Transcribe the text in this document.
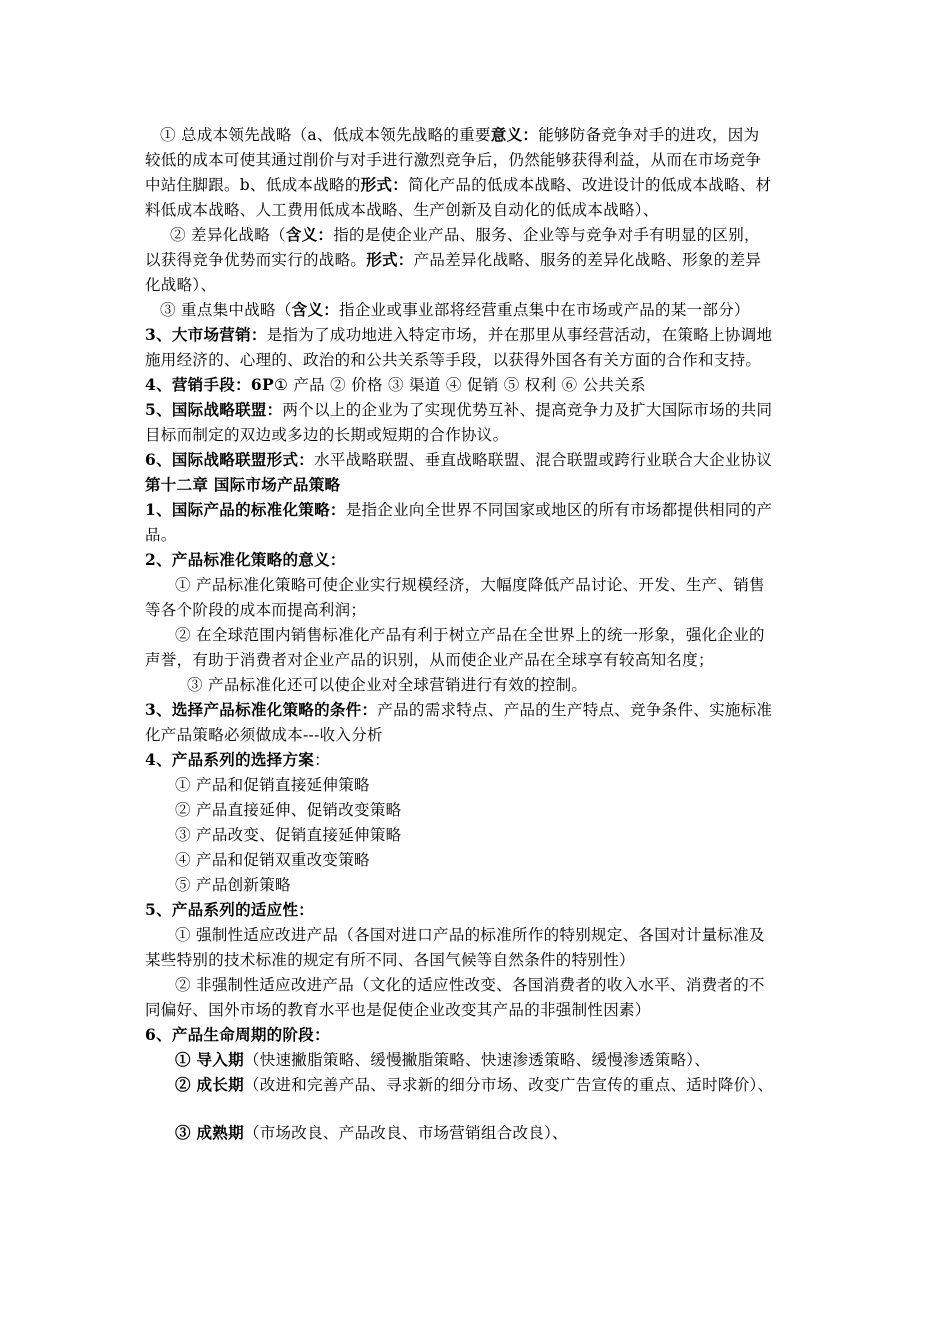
① 总成本领先战略（a、低成本领先战略的重要意义：能够防备竞争对手的进攻，因为
较低的成本可使其通过削价与对手进行激烈竞争后，仍然能够获得利益，从而在市场竞争
中站住脚跟。b、低成本战略的形式：简化产品的低成本战略、改进设计的低成本战略、材
料低成本战略、人工费用低成本战略、生产创新及自动化的低成本战略）、
② 差异化战略（含义：指的是使企业产品、服务、企业等与竞争对手有明显的区别，
以获得竞争优势而实行的战略。形式：产品差异化战略、服务的差异化战略、形象的差异
化战略）、
③ 重点集中战略（含义：指企业或事业部将经营重点集中在市场或产品的某一部分）
3、大市场营销：是指为了成功地进入特定市场，并在那里从事经营活动，在策略上协调地
施用经济的、心理的、政治的和公共关系等手段，以获得外国各有关方面的合作和支持。
4、营销手段：6P① 产品 ② 价格 ③ 渠道 ④ 促销 ⑤ 权利 ⑥ 公共关系
5、国际战略联盟：两个以上的企业为了实现优势互补、提高竞争力及扩大国际市场的共同
目标而制定的双边或多边的长期或短期的合作协议。
6、国际战略联盟形式：水平战略联盟、垂直战略联盟、混合联盟或跨行业联合大企业协议
第十二章 国际市场产品策略
1、国际产品的标准化策略：是指企业向全世界不同国家或地区的所有市场都提供相同的产
品。
2、产品标准化策略的意义：
① 产品标准化策略可使企业实行规模经济，大幅度降低产品讨论、开发、生产、销售
等各个阶段的成本而提高利润；
② 在全球范围内销售标准化产品有利于树立产品在全世界上的统一形象，强化企业的
声誉，有助于消费者对企业产品的识别，从而使企业产品在全球享有较高知名度；
③ 产品标准化还可以使企业对全球营销进行有效的控制。
3、选择产品标准化策略的条件：产品的需求特点、产品的生产特点、竞争条件、实施标准
化产品策略必须做成本---收入分析
4、产品系列的选择方案：
① 产品和促销直接延伸策略
② 产品直接延伸、促销改变策略
③ 产品改变、促销直接延伸策略
④ 产品和促销双重改变策略
⑤ 产品创新策略
5、产品系列的适应性：
① 强制性适应改进产品（各国对进口产品的标准所作的特别规定、各国对计量标准及
某些特别的技术标准的规定有所不同、各国气候等自然条件的特别性）
② 非强制性适应改进产品（文化的适应性改变、各国消费者的收入水平、消费者的不
同偏好、国外市场的教育水平也是促使企业改变其产品的非强制性因素）
6、产品生命周期的阶段：
① 导入期（快速撇脂策略、缓慢撇脂策略、快速渗透策略、缓慢渗透策略）、
② 成长期（改进和完善产品、寻求新的细分市场、改变广告宣传的重点、适时降价）、
③ 成熟期（市场改良、产品改良、市场营销组合改良）、
